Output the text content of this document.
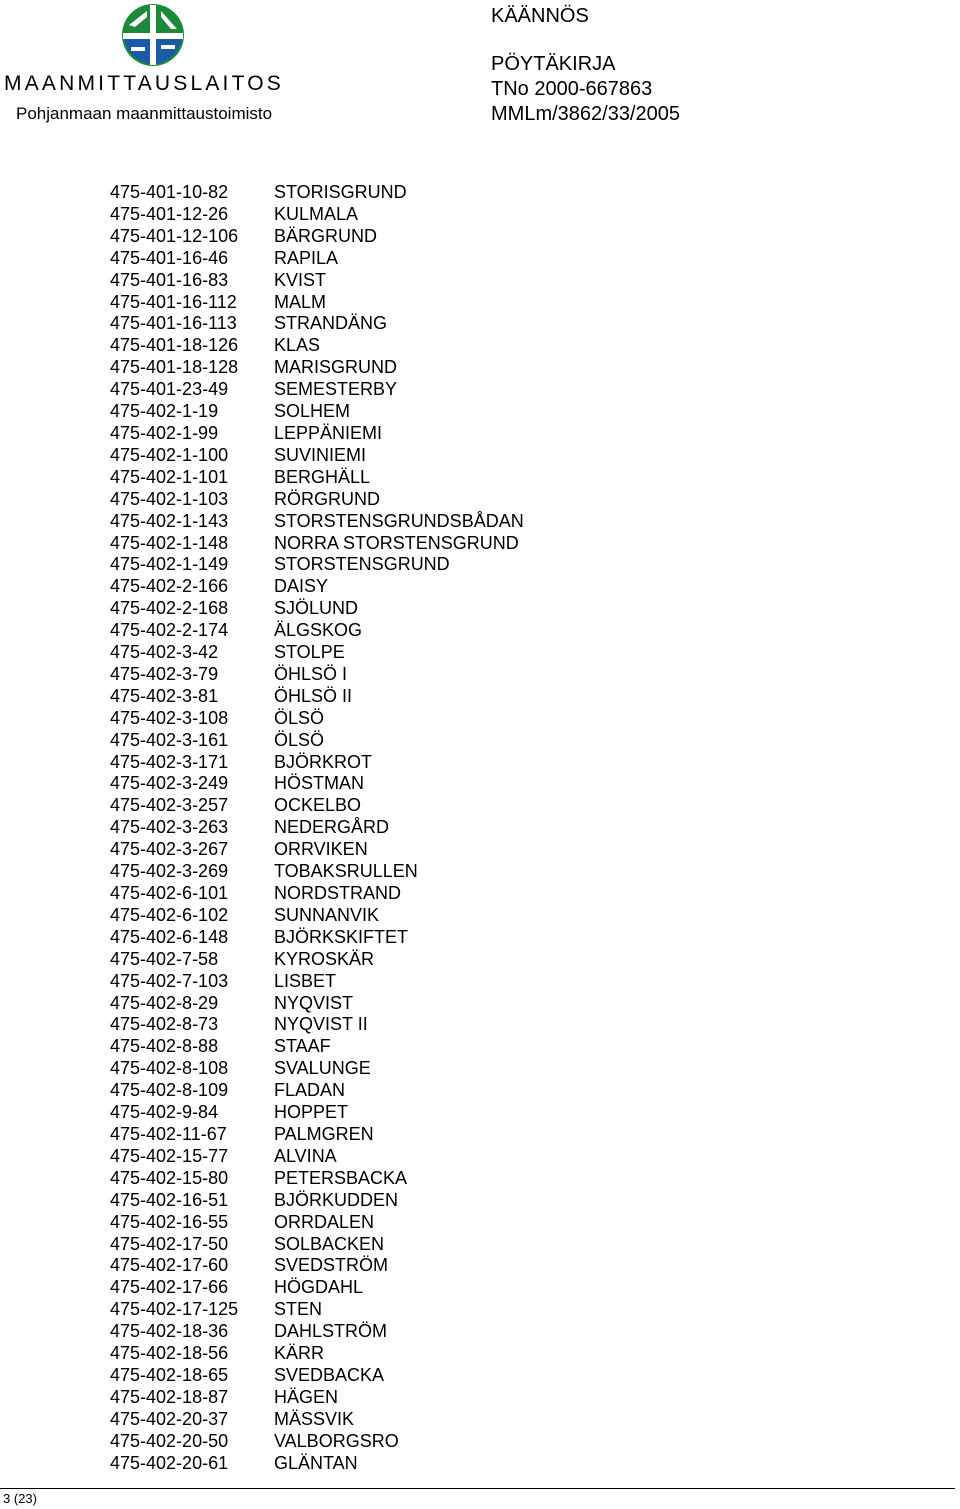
MAANMITTAUSLAITOS
Pohjanmaan maanmittaustoimisto
KÄÄNNÖS
PÖYTÄKIRJA
TNo 2000-667863
MMLm/3862/33/2005
475-401-10-82	STORISGRUND
475-401-12-26	KULMALA
475-401-12-106 BÄRGRUND
475-401-16-46	RAPILA
475-401-16-83	KVIST
475-401-16-112 MALM
475-401-16-113 STRANDÄNG
475-401-18-126 KLAS
475-401-18-128 MARISGRUND
475-401-23-49	SEMESTERBY
475-402-1-19	SOLHEM
475-402-1-99	LEPPÄNIEMI
475-402-1-100	SUVINIEMI
475-402-1-101	BERGHÄLL
475-402-1-103	RÖRGRUND
475-402-1-143	STORSTENSGRUNDSBÅDAN
475-402-1-148	NORRA STORSTENSGRUND
475-402-1-149	STORSTENSGRUND
475-402-2-166	DAISY
475-402-2-168	SJÖLUND
475-402-2-174	ÄLGSKOG
475-402-3-42	STOLPE
475-402-3-79	ÖHLSÖ I
475-402-3-81	ÖHLSÖ II
475-402-3-108	ÖLSÖ
475-402-3-161	ÖLSÖ
475-402-3-171	BJÖRKROT
475-402-3-249	HÖSTMAN
475-402-3-257	OCKELBO
475-402-3-263	NEDERGÅRD
475-402-3-267	ORRVIKEN
475-402-3-269	TOBAKSRULLEN
475-402-6-101	NORDSTRAND
475-402-6-102	SUNNANVIK
475-402-6-148	BJÖRKSKIFTET
475-402-7-58	KYROSKÄR
475-402-7-103	LISBET
475-402-8-29	NYQVIST
475-402-8-73	NYQVIST II
475-402-8-88	STAAF
475-402-8-108	SVALUNGE
475-402-8-109	FLADAN
475-402-9-84	HOPPET
475-402-11-67	PALMGREN
475-402-15-77	ALVINA
475-402-15-80	PETERSBACKA
475-402-16-51	BJÖRKUDDEN
475-402-16-55	ORRDALEN
475-402-17-50	SOLBACKEN
475-402-17-60	SVEDSTRÖM
475-402-17-66	HÖGDAHL
475-402-17-125 STEN
475-402-18-36	DAHLSTRÖM
475-402-18-56	KÄRR
475-402-18-65	SVEDBACKA
475-402-18-87	HÄGEN
475-402-20-37	MÄSSVIK
475-402-20-50	VALBORGSRO
475-402-20-61	GLÄNTAN
3 (23)
